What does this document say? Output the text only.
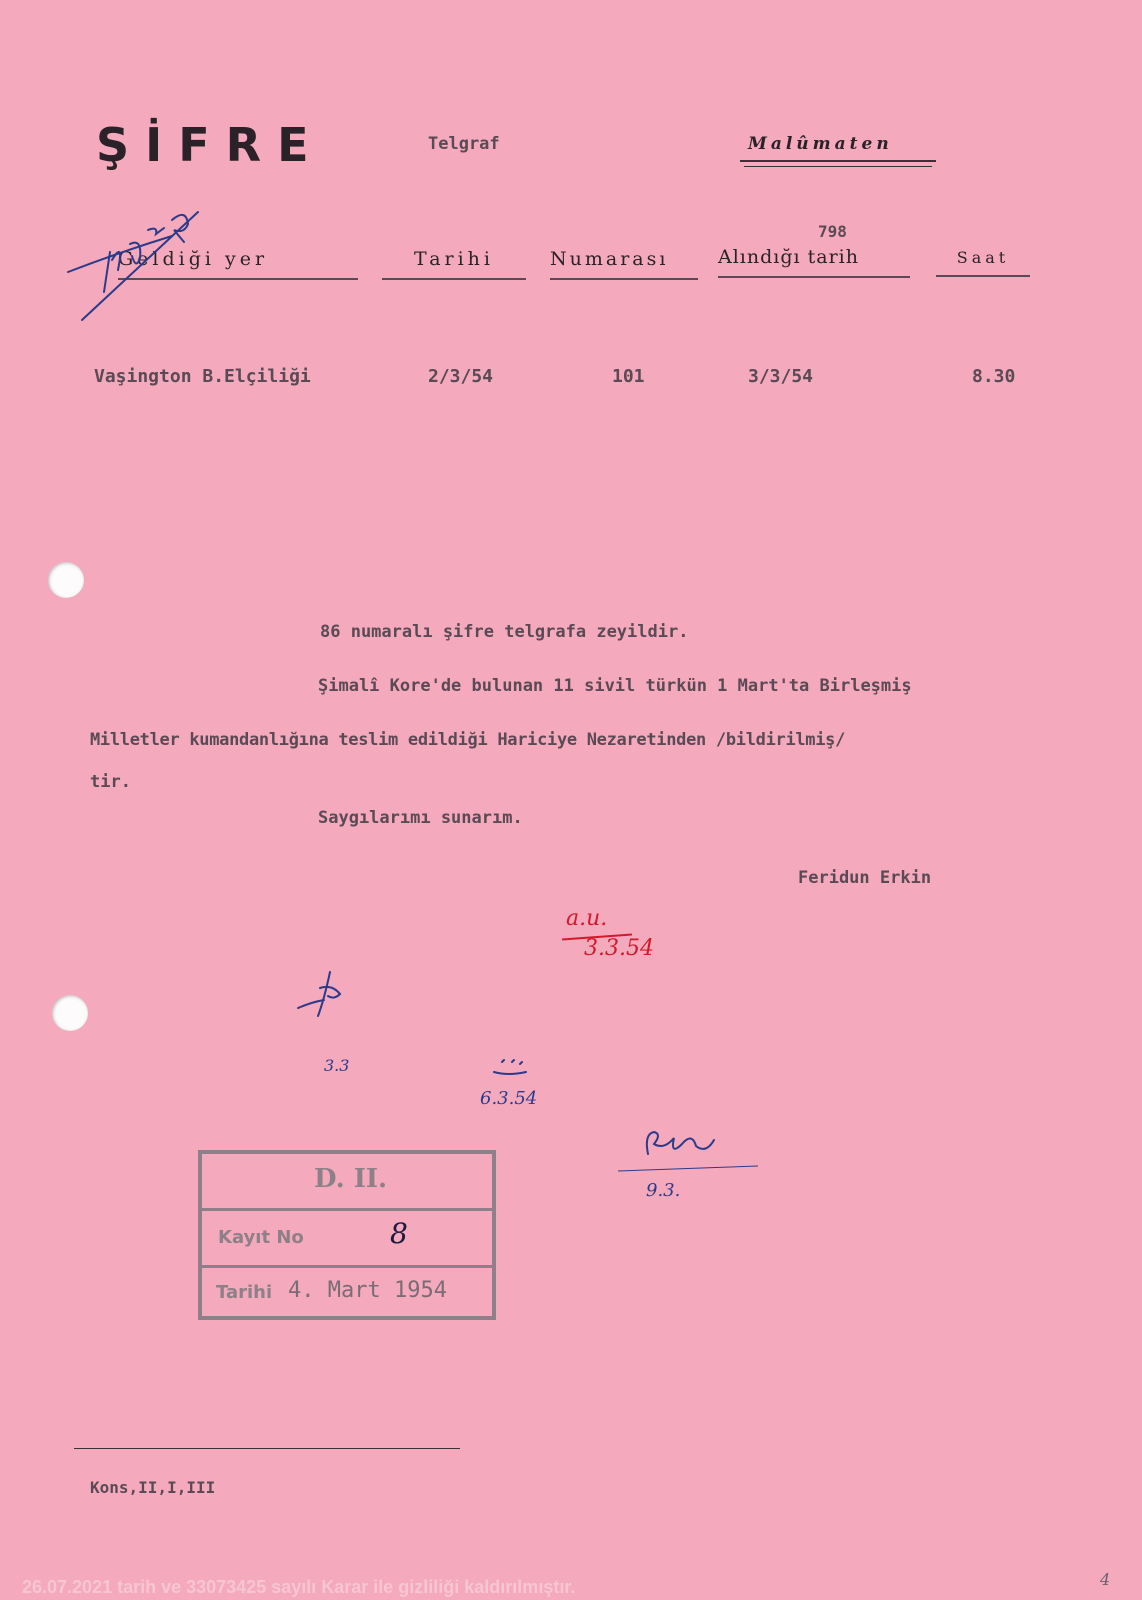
ŞİFRE	Telgraf	Malûmaten
798
Geldiği yer	Tarihi	Numarası	Alındığı tarih	Saat
Vaşington B.Elçiliği	2/3/54	101	3/3/54	8.30
86 numaralı şifre telgrafa zeyildir.
Şimalî Kore'de bulunan 11 sivil türkün 1 Mart'ta Birleşmiş
Milletler kumandanlığına teslim edildiği Hariciye Nezaretinden /bildirilmiş/
tir.
Saygılarımı sunarım.
Feridun Erkin
a.u.
3.3.54
3.3
6.3.54
9.3.
D. II.
Kayıt No	8
Tarihi 4. Mart 1954
Kons,II,I,III
26.07.2021 tarih ve 33073425 sayılı Karar ile gizliliği kaldırılmıştır.	4
